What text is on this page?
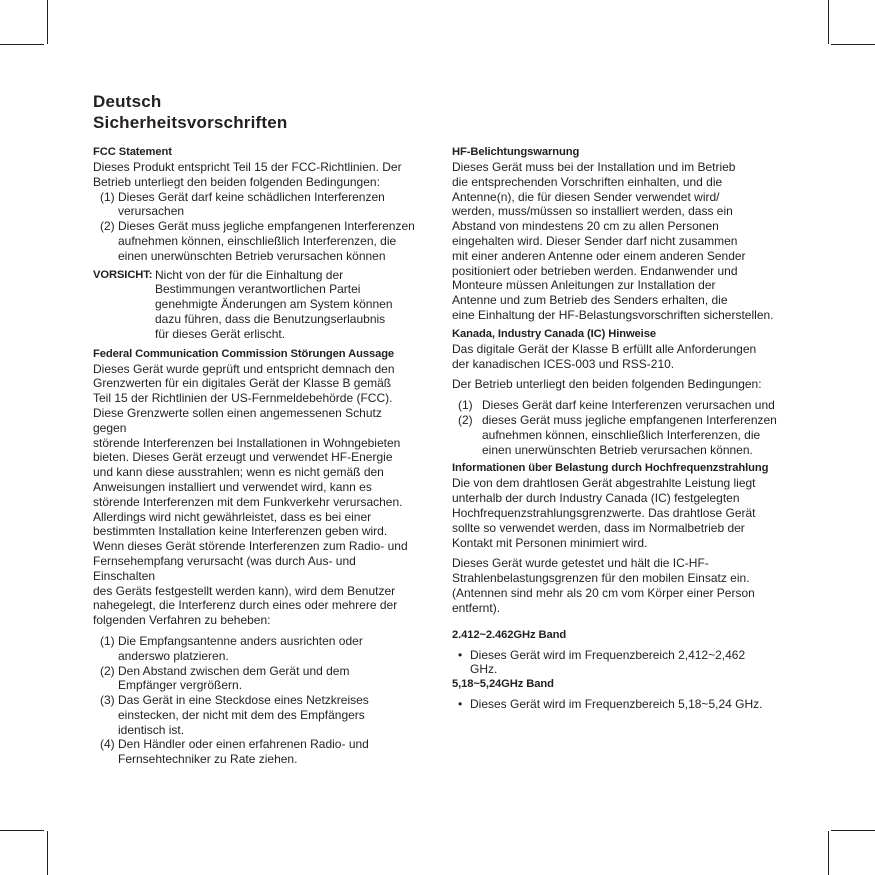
Deutsch
Sicherheitsvorschriften
FCC Statement

Dieses Produkt entspricht Teil 15 der FCC-Richtlinien. Der
Betrieb unterliegt den beiden folgenden Bedingungen:

(1) Dieses Gerät darf keine schädlichen Interferenzen
verursachen
(2) Dieses Gerät muss jegliche empfangenen Interferenzen
aufnehmen können, einschließlich Interferenzen, die
einen unerwünschten Betrieb verursachen können
VORSICHT: Nicht von der für die Einhaltung der
Bestimmungen verantwortlichen Partei
genehmigte Änderungen am System können
dazu führen, dass die Benutzungserlaubnis
für dieses Gerät erlischt.
Federal Communication Commission Störungen Aussage

Dieses Gerät wurde geprüft und entspricht demnach den
Grenzwerten für ein digitales Gerät der Klasse B gemäß
Teil 15 der Richtlinien der US-Fernmeldebehörde (FCC).
Diese Grenzwerte sollen einen angemessenen Schutz gegen
störende Interferenzen bei Installationen in Wohngebieten
bieten. Dieses Gerät erzeugt und verwendet HF-Energie
und kann diese ausstrahlen; wenn es nicht gemäß den
Anweisungen installiert und verwendet wird, kann es
störende Interferenzen mit dem Funkverkehr verursachen.
Allerdings wird nicht gewährleistet, dass es bei einer
bestimmten Installation keine Interferenzen geben wird.
Wenn dieses Gerät störende Interferenzen zum Radio- und
Fernsehempfang verursacht (was durch Aus- und Einschalten
des Geräts festgestellt werden kann), wird dem Benutzer
nahegelegt, die Interferenz durch eines oder mehrere der
folgenden Verfahren zu beheben:

(1) Die Empfangsantenne anders ausrichten oder
anderswo platzieren.
(2) Den Abstand zwischen dem Gerät und dem
Empfänger vergrößern.
(3) Das Gerät in eine Steckdose eines Netzkreises
einstecken, der nicht mit dem des Empfängers
identisch ist.
(4) Den Händler oder einen erfahrenen Radio- und
Fernsehtechniker zu Rate ziehen.
HF-Belichtungswarnung

Dieses Gerät muss bei der Installation und im Betrieb
die entsprechenden Vorschriften einhalten, und die
Antenne(n), die für diesen Sender verwendet wird/
werden, muss/müssen so installiert werden, dass ein
Abstand von mindestens 20 cm zu allen Personen
eingehalten wird. Dieser Sender darf nicht zusammen
mit einer anderen Antenne oder einem anderen Sender
positioniert oder betrieben werden. Endanwender und
Monteure müssen Anleitungen zur Installation der
Antenne und zum Betrieb des Senders erhalten, die
eine Einhaltung der HF-Belastungsvorschriften sicherstellen.

Kanada, Industry Canada (IC) Hinweise

Das digitale Gerät der Klasse B erfüllt alle Anforderungen
der kanadischen ICES-003 und RSS-210.

Der Betrieb unterliegt den beiden folgenden Bedingungen:

(1) Dieses Gerät darf keine Interferenzen verursachen und
(2) dieses Gerät muss jegliche empfangenen Interferenzen
aufnehmen können, einschließlich Interferenzen, die
einen unerwünschten Betrieb verursachen können.
Informationen über Belastung durch Hochfrequenzstrahlung

Die von dem drahtlosen Gerät abgestrahlte Leistung liegt
unterhalb der durch Industry Canada (IC) festgelegten
Hochfrequenzstrahlungsgrenzwerte. Das drahtlose Gerät
sollte so verwendet werden, dass im Normalbetrieb der
Kontakt mit Personen minimiert wird.

Dieses Gerät wurde getestet und hält die IC-HF-
Strahlenbelastungsgrenzen für den mobilen Einsatz ein.
(Antennen sind mehr als 20 cm vom Körper einer Person
entfernt).

2.412~2.462GHz Band
• Dieses Gerät wird im Frequenzbereich 2,412~2,462
GHz.
5,18~5,24GHz Band
• Dieses Gerät wird im Frequenzbereich 5,18~5,24 GHz.
